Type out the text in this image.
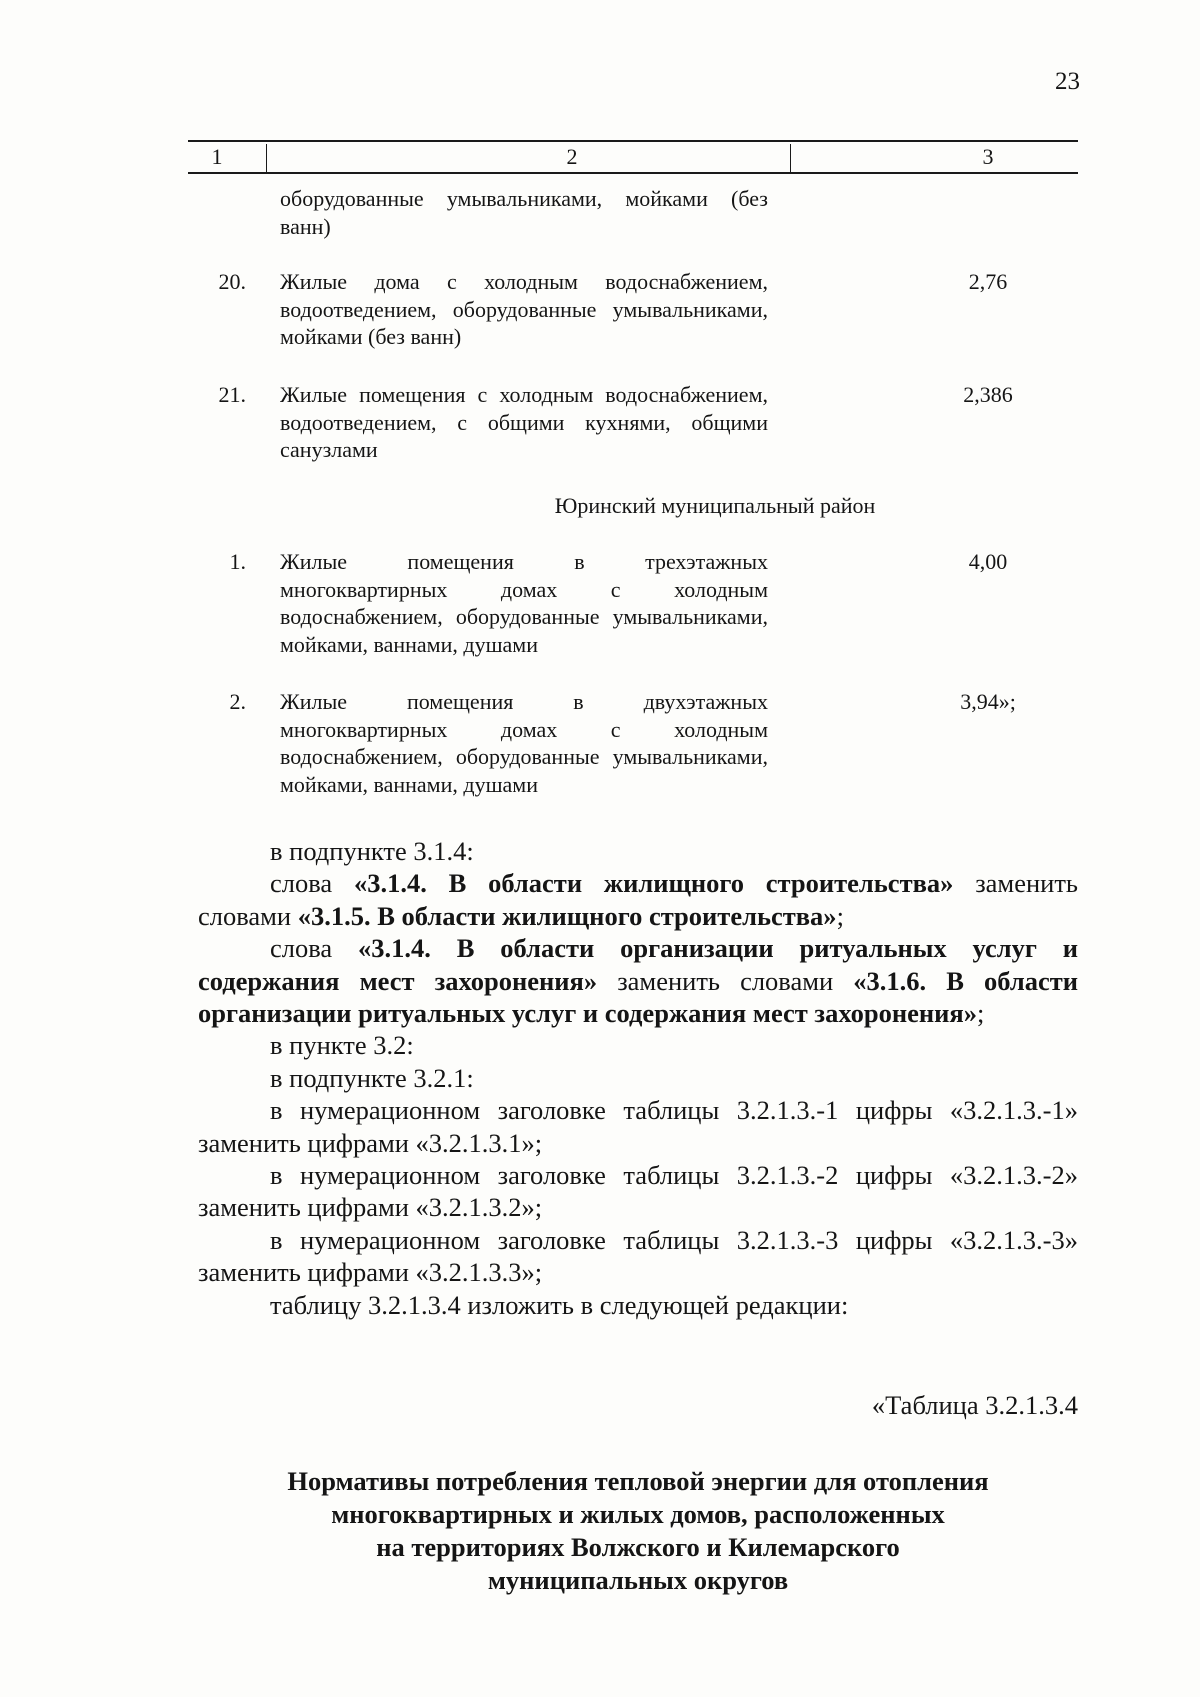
23
1	2	3
оборудованные умывальниками, мойками (без ванн)
20. Жилые дома с холодным водоснабжением, водоотведением, оборудованные умывальниками, мойками (без ванн)
2,76
21. Жилые помещения с холодным водоснабжением, водоотведением, с общими кухнями, общими санузлами
2,386
Юринский муниципальный район
1. Жилые помещения в трехэтажных многоквартирных домах с холодным водоснабжением, оборудованные умывальниками, мойками, ваннами, душами
4,00
2. Жилые помещения в двухэтажных многоквартирных домах с холодным водоснабжением, оборудованные умывальниками, мойками, ваннами, душами
3,94»;

в подпункте 3.1.4:

слова «3.1.4. В области жилищного строительства» заменить словами «3.1.5. В области жилищного строительства»;

слова «3.1.4. В области организации ритуальных услуг и содержания мест захоронения» заменить словами «3.1.6. В области организации ритуальных услуг и содержания мест захоронения»;

в пункте 3.2:

в подпункте 3.2.1:

в нумерационном заголовке таблицы 3.2.1.3.-1 цифры «3.2.1.3.-1» заменить цифрами «3.2.1.3.1»;

в нумерационном заголовке таблицы 3.2.1.3.-2 цифры «3.2.1.3.-2» заменить цифрами «3.2.1.3.2»;

в нумерационном заголовке таблицы 3.2.1.3.-3 цифры «3.2.1.3.-3» заменить цифрами «3.2.1.3.3»;

таблицу 3.2.1.3.4 изложить в следующей редакции:

«Таблица 3.2.1.3.4
Нормативы потребления тепловой энергии для отопления
многоквартирных и жилых домов, расположенных
на территориях Волжского и Килемарского
муниципальных округов
